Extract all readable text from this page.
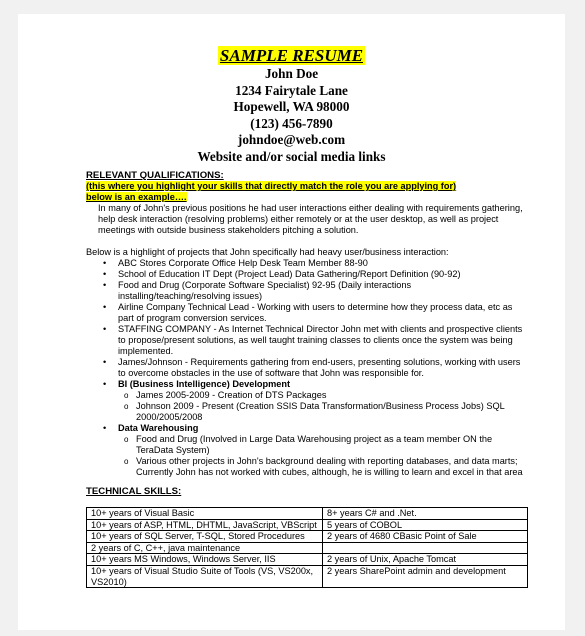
SAMPLE RESUME
John Doe
1234 Fairytale Lane
Hopewell, WA 98000
(123) 456-7890
johndoe@web.com
Website and/or social media links
RELEVANT QUALIFICATIONS:
(this where you highlight your skills that directly match the role you are applying for)
below is an example….
In many of John's previous positions he had user interactions either dealing with requirements gathering, help desk interaction (resolving problems) either remotely or at the user desktop, as well as project meetings with outside business stakeholders pitching a solution.
Below is a highlight of projects that John specifically had heavy user/business interaction:
• ABC Stores Corporate Office Help Desk Team Member 88-90
• School of Education IT Dept (Project Lead) Data Gathering/Report Definition (90-92)
• Food and Drug (Corporate Software Specialist) 92-95 (Daily interactions installing/teaching/resolving issues)
• Airline Company Technical Lead - Working with users to determine how they process data, etc as part of program conversion services.
• STAFFING COMPANY - As Internet Technical Director John met with clients and prospective clients to propose/present solutions, as well taught training classes to clients once the system was being implemented.
• James/Johnson - Requirements gathering from end-users, presenting solutions, working with users to overcome obstacles in the use of software that John was responsible for.
• BI (Business Intelligence) Development
o James 2005-2009 - Creation of DTS Packages
o Johnson 2009 - Present (Creation SSIS Data Transformation/Business Process Jobs) SQL 2000/2005/2008
• Data Warehousing
o Food and Drug (Involved in Large Data Warehousing project as a team member ON the TeraData System)
o Various other projects in John's background dealing with reporting databases, and data marts; Currently John has not worked with cubes, although, he is willing to learn and excel in that area
TECHNICAL SKILLS:
10+ years of Visual Basic	8+ years C# and .Net.
10+ years of ASP, HTML, DHTML, JavaScript, VBScript	5 years of COBOL
10+ years of SQL Server, T-SQL, Stored Procedures	2 years of 4680 CBasic Point of Sale
2 years of C, C++, java maintenance	
10+ years MS Windows, Windows Server, IIS	2 years of Unix, Apache Tomcat
10+ years of Visual Studio Suite of Tools (VS, VS200x, VS2010)	2 years SharePoint admin and development
